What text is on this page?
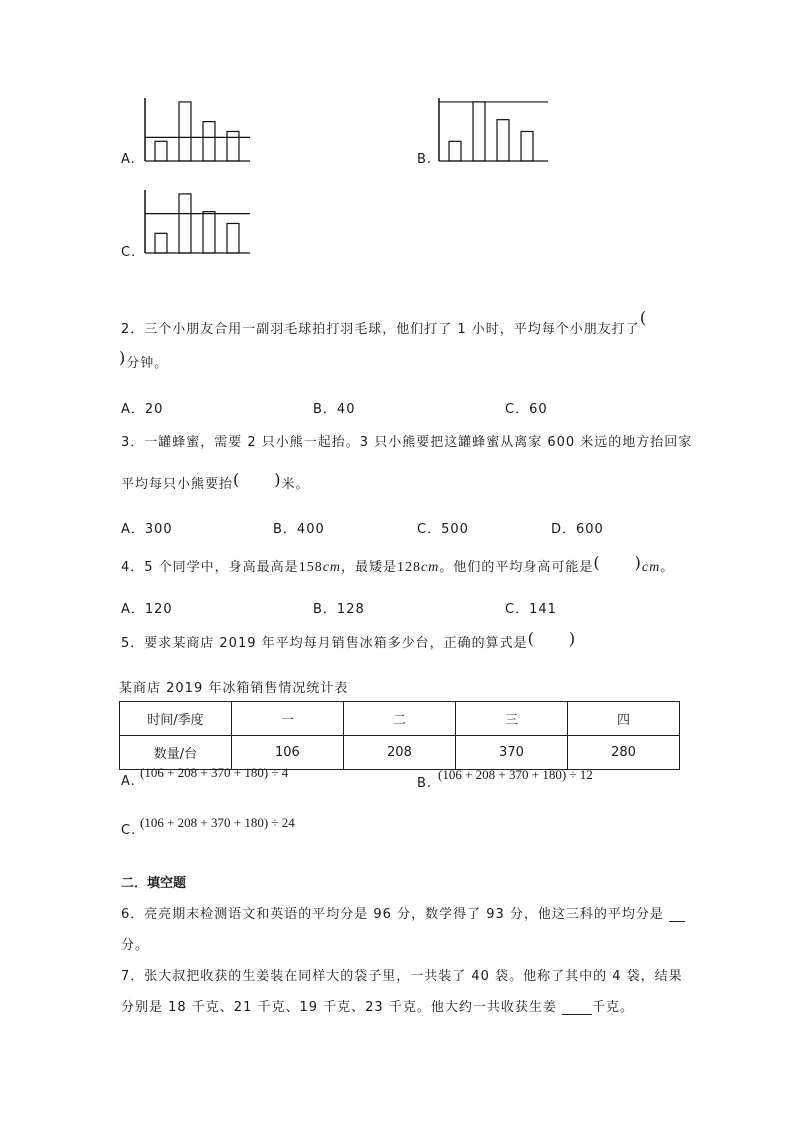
A.	B.
C.
2．三个小朋友合用一副羽毛球拍打羽毛球，他们打了 1 小时，平均每个小朋友打了(
)分钟。
A．20	B．40	C．60
3．一罐蜂蜜，需要 2 只小熊一起抬。3 只小熊要把这罐蜂蜜从离家 600 米远的地方抬回家
平均每只小熊要抬(　　)米。
A．300	B．400	C．500	D．600
4．5 个同学中，身高最高是158cm，最矮是128cm。他们的平均身高可能是(　　)cm。
A．120	B．128	C．141
5．要求某商店 2019 年平均每月销售冰箱多少台，正确的算式是(　　)
某商店 2019 年冰箱销售情况统计表
时间/季度	一	二	三	四
数量/台	106	208	370	280
A.
(106 + 208 + 370 + 180) ÷ 4
B.
(106 + 208 + 370 + 180) ÷ 12
C.
(106 + 208 + 370 + 180) ÷ 24
二．填空题
6．亮亮期末检测语文和英语的平均分是 96 分，数学得了 93 分，他这三科的平均分是
分。
7．张大叔把收获的生姜装在同样大的袋子里，一共装了 40 袋。他称了其中的 4 袋，结果
分别是 18 千克、21 千克、19 千克、23 千克。他大约一共收获生姜	千克。
